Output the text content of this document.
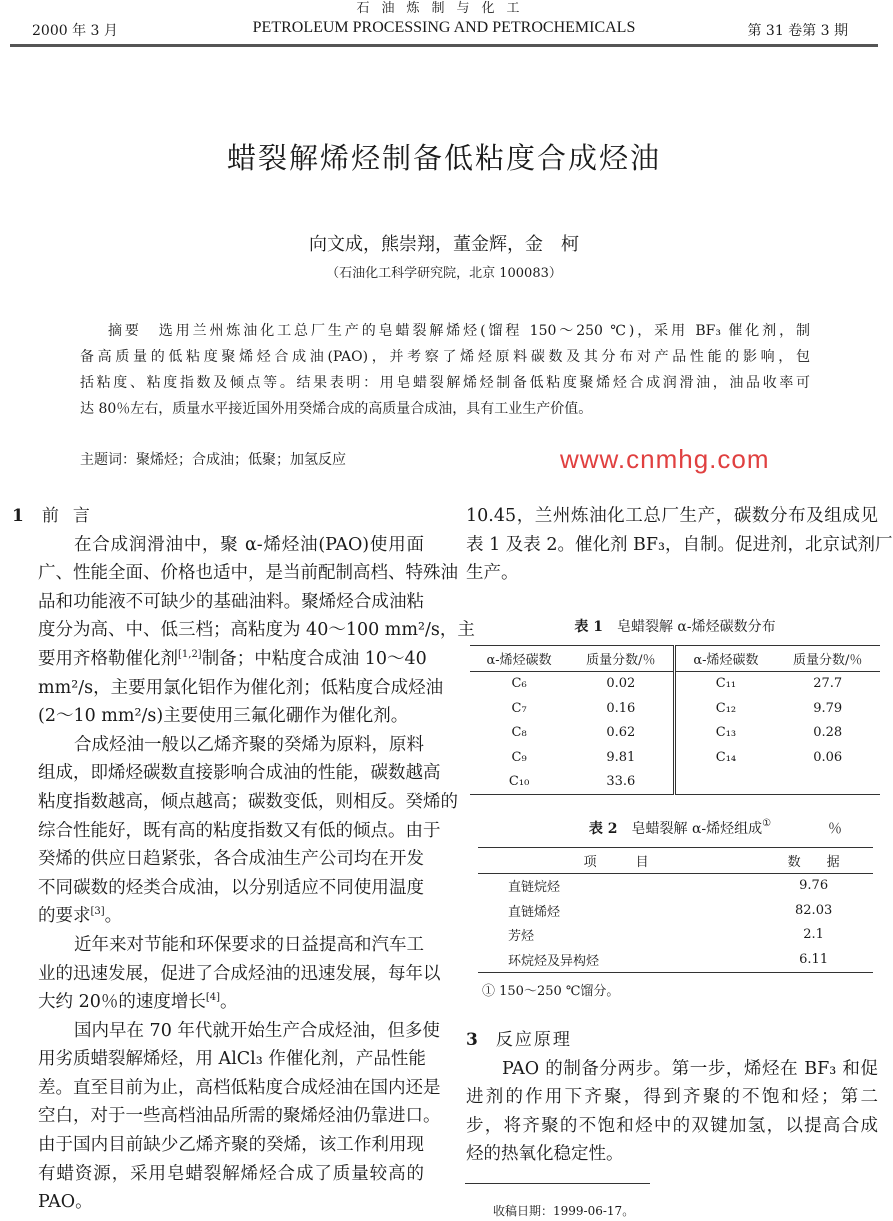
石油炼制与化工
2000 年 3 月	PETROLEUM PROCESSING AND PETROCHEMICALS	第 31 卷第 3 期
蜡裂解烯烃制备低粘度合成烃油
向文成，熊崇翔，董金辉，金　柯
（石油化工科学研究院，北京 100083）
摘要　选用兰州炼油化工总厂生产的皂蜡裂解烯烃(馏程 150～250 ℃)，采用 BF₃ 催化剂，制
备高质量的低粘度聚烯烃合成油(PAO)，并考察了烯烃原料碳数及其分布对产品性能的影响，包
括粘度、粘度指数及倾点等。结果表明：用皂蜡裂解烯烃制备低粘度聚烯烃合成润滑油，油品收率可
达 80％左右，质量水平接近国外用癸烯合成的高质量合成油，具有工业生产价值。
主题词：聚烯烃；合成油；低聚；加氢反应
1 前言
在合成润滑油中，聚 α-烯烃油(PAO)使用面
广、性能全面、价格也适中，是当前配制高档、特殊油
品和功能液不可缺少的基础油料。聚烯烃合成油粘
度分为高、中、低三档；高粘度为 40～100 mm²/s，主
要用齐格勒催化剂[1,2]制备；中粘度合成油 10～40
mm²/s，主要用氯化铝作为催化剂；低粘度合成烃油
(2～10 mm²/s)主要使用三氟化硼作为催化剂。
合成烃油一般以乙烯齐聚的癸烯为原料，原料
组成，即烯烃碳数直接影响合成油的性能，碳数越高
粘度指数越高，倾点越高；碳数变低，则相反。癸烯的
综合性能好，既有高的粘度指数又有低的倾点。由于
癸烯的供应日趋紧张，各合成油生产公司均在开发
不同碳数的烃类合成油，以分别适应不同使用温度
的要求[3]。
近年来对节能和环保要求的日益提高和汽车工
业的迅速发展，促进了合成烃油的迅速发展，每年以
大约 20％的速度增长[4]。
国内早在 70 年代就开始生产合成烃油，但多使
用劣质蜡裂解烯烃，用 AlCl₃ 作催化剂，产品性能
差。直至目前为止，高档低粘度合成烃油在国内还是
空白，对于一些高档油品所需的聚烯烃油仍靠进口。
由于国内目前缺少乙烯齐聚的癸烯，该工作利用现
有蜡资源，采用皂蜡裂解烯烃合成了质量较高的
PAO。
10.45，兰州炼油化工总厂生产，碳数分布及组成见
表 1 及表 2。催化剂 BF₃，自制。促进剂，北京试剂厂
生产。
表 1　 皂蜡裂解 α-烯烃碳数分布
α-烯烃碳数	质量分数/％	α-烯烃碳数	质量分数/％
C₆	0.02	C₁₁	27.7
C₇	0.16	C₁₂	9.79
C₈	0.62	C₁₃	0.28
C₉	9.81	C₁₄	0.06
C₁₀	33.6		
表 2　 皂蜡裂解 α-烯烃组成①	％
项　　　目	数　　据
直链烷烃	9.76
直链烯烃	82.03
芳烃	2.1
环烷烃及异构烃	6.11
① 150～250 ℃馏分。
3 反应原理
PAO 的制备分两步。第一步，烯烃在 BF₃ 和促
进剂的作用下齐聚，得到齐聚的不饱和烃；第二
步，将齐聚的不饱和烃中的双键加氢，以提高合成
烃的热氧化稳定性。
收稿日期：1999-06-17。
www.cnmhg.com
